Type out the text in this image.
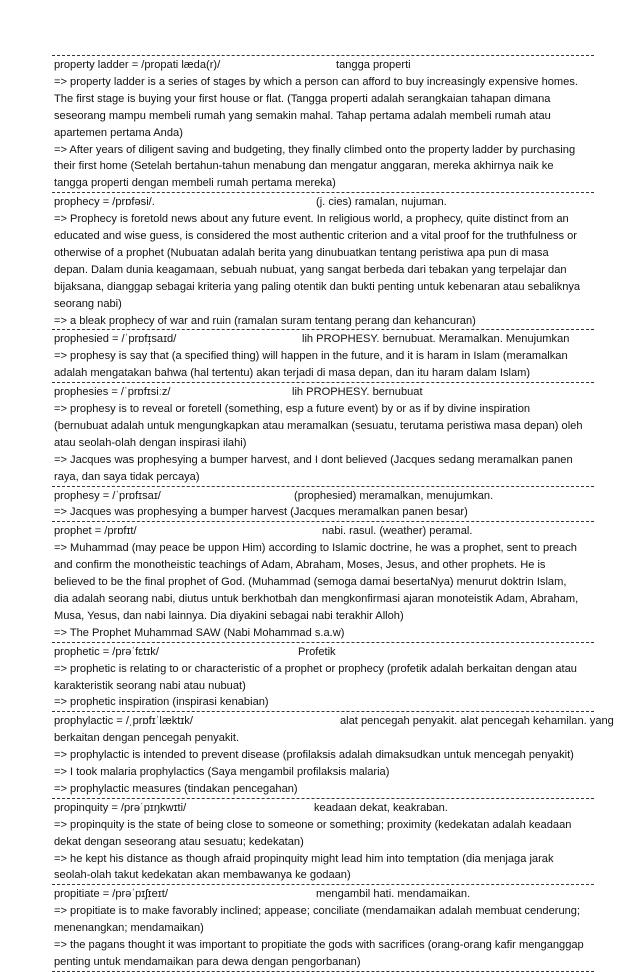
property ladder = /propati læda(r)/	tangga properti
=> property ladder is a series of stages by which a person can afford to buy increasingly expensive homes.
The first stage is buying your first house or flat. (Tangga properti adalah serangkaian tahapan dimana
seseorang mampu membeli rumah yang semakin mahal. Tahap pertama adalah membeli rumah atau
apartemen pertama Anda)
=> After years of diligent saving and budgeting, they finally climbed onto the property ladder by purchasing
their first home (Setelah bertahun-tahun menabung dan mengatur anggaran, mereka akhirnya naik ke
tangga properti dengan membeli rumah pertama mereka)
prophecy = /prɒfəsi/.	(j. cies) ramalan, nujuman.
=> Prophecy is foretold news about any future event. In religious world, a prophecy, quite distinct from an
educated and wise guess, is considered the most authentic criterion and a vital proof for the truthfulness or
otherwise of a prophet (Nubuatan adalah berita yang dinubuatkan tentang peristiwa apa pun di masa
depan. Dalam dunia keagamaan, sebuah nubuat, yang sangat berbeda dari tebakan yang terpelajar dan
bijaksana, dianggap sebagai kriteria yang paling otentik dan bukti penting untuk kebenaran atau sebaliknya
seorang nabi)
=> a bleak prophecy of war and ruin (ramalan suram tentang perang dan kehancuran)
prophesied = /ˈprɒfɪ̩saɪd/	lih PROPHESY. bernubuat. Meramalkan. Menujumkan
=> prophesy is say that (a specified thing) will happen in the future, and it is haram in Islam (meramalkan
adalah mengatakan bahwa (hal tertentu) akan terjadi di masa depan, dan itu haram dalam Islam)
prophesies = /ˈprɒfɪsiːz/	lih PROPHESY. bernubuat
=> prophesy is to reveal or foretell (something, esp a future event) by or as if by divine inspiration
(bernubuat adalah untuk mengungkapkan atau meramalkan (sesuatu, terutama peristiwa masa depan) oleh
atau seolah-olah dengan inspirasi ilahi)
=> Jacques was prophesying a bumper harvest, and I dont believed (Jacques sedang meramalkan panen
raya, dan saya tidak percaya)
prophesy = /ˈprɒfɪsaɪ/	(prophesied) meramalkan, menujumkan.
=> Jacques was prophesying a bumper harvest (Jacques meramalkan panen besar)
prophet = /prɒfɪt/	nabi. rasul. (weather) peramal.
=> Muhammad (may peace be uppon Him) according to Islamic doctrine, he was a prophet, sent to preach
and confirm the monotheistic teachings of Adam, Abraham, Moses, Jesus, and other prophets. He is
believed to be the final prophet of God. (Muhammad (semoga damai besertaNya) menurut doktrin Islam,
dia adalah seorang nabi, diutus untuk berkhotbah dan mengkonfirmasi ajaran monoteistik Adam, Abraham,
Musa, Yesus, dan nabi lainnya. Dia diyakini sebagai nabi terakhir Alloh)
=> The Prophet Muhammad SAW (Nabi Mohammad s.a.w)
prophetic = /prəˈfɛtɪk/	Profetik
=> prophetic is relating to or characteristic of a prophet or prophecy (profetik adalah berkaitan dengan atau
karakteristik seorang nabi atau nubuat)
=> prophetic inspiration (inspirasi kenabian)
prophylactic = /ˌprɒfɪˈlæktɪk/	alat pencegah penyakit. alat pencegah kehamilan. yang
berkaitan dengan pencegah penyakit.
=> prophylactic is intended to prevent disease (profilaksis adalah dimaksudkan untuk mencegah penyakit)
=> I took malaria prophylactics (Saya mengambil profilaksis malaria)
=> prophylactic measures (tindakan pencegahan)
propinquity = /prəˈpɪŋkwɪti/	keadaan dekat, keakraban.
=> propinquity is the state of being close to someone or something; proximity (kedekatan adalah keadaan
dekat dengan seseorang atau sesuatu; kedekatan)
=> he kept his distance as though afraid propinquity might lead him into temptation (dia menjaga jarak
seolah-olah takut kedekatan akan membawanya ke godaan)
propitiate = /prəˈpɪʃɪeɪt/	mengambil hati. mendamaikan.
=> propitiate is to make favorably inclined; appease; conciliate (mendamaikan adalah membuat cenderung;
menenangkan; mendamaikan)
=> the pagans thought it was important to propitiate the gods with sacrifices (orang-orang kafir menganggap
penting untuk mendamaikan para dewa dengan pengorbanan)
